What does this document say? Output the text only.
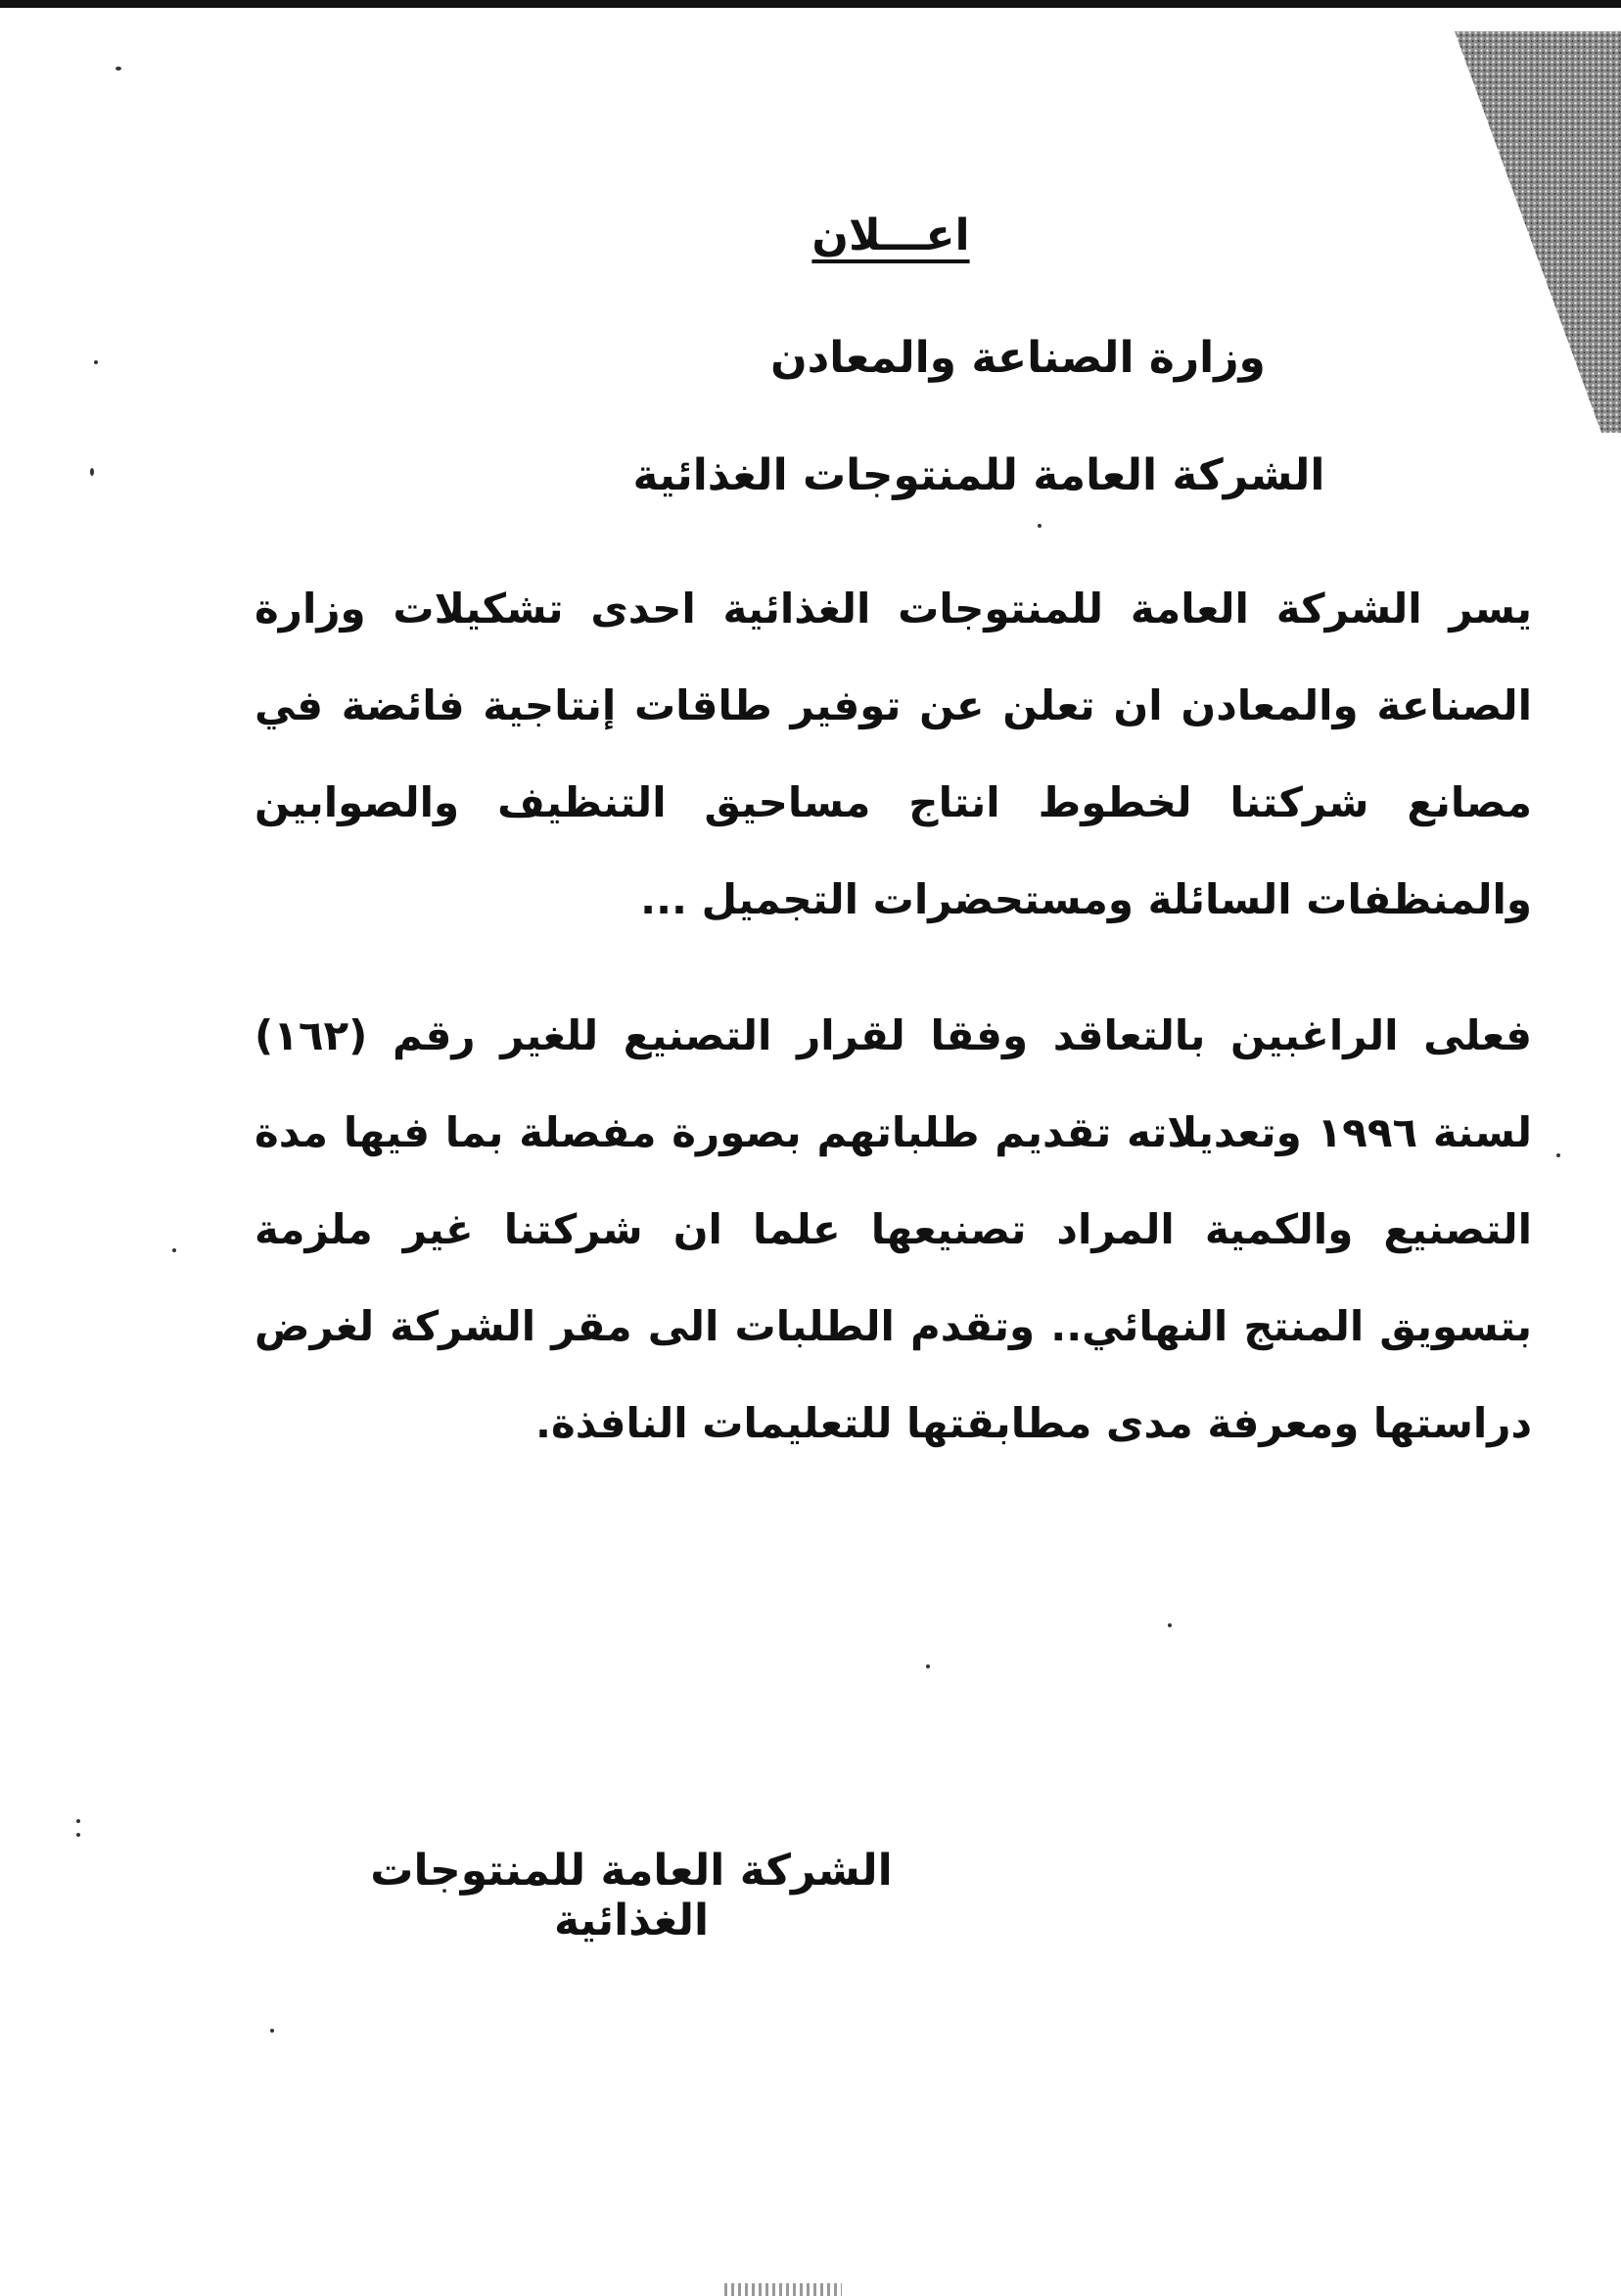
اعـــلان
وزارة الصناعة والمعادن
الشركة العامة للمنتوجات الغذائية
يسر الشركة العامة للمنتوجات الغذائية احدى تشكيلات وزارة الصناعة والمعادن ان تعلن عن توفير طاقات إنتاجية فائضة في مصانع شركتنا لخطوط انتاج مساحيق التنظيف والصوابين والمنظفات السائلة ومستحضرات التجميل ...
فعلى الراغبين بالتعاقد وفقا لقرار التصنيع للغير رقم (١٦٢) لسنة ١٩٩٦ وتعديلاته تقديم طلباتهم بصورة مفصلة بما فيها مدة التصنيع والكمية المراد تصنيعها علما ان شركتنا غير ملزمة بتسويق المنتج النهائي.. وتقدم الطلبات الى مقر الشركة لغرض دراستها ومعرفة مدى مطابقتها للتعليمات النافذة.
الشركة العامة للمنتوجات الغذائية
